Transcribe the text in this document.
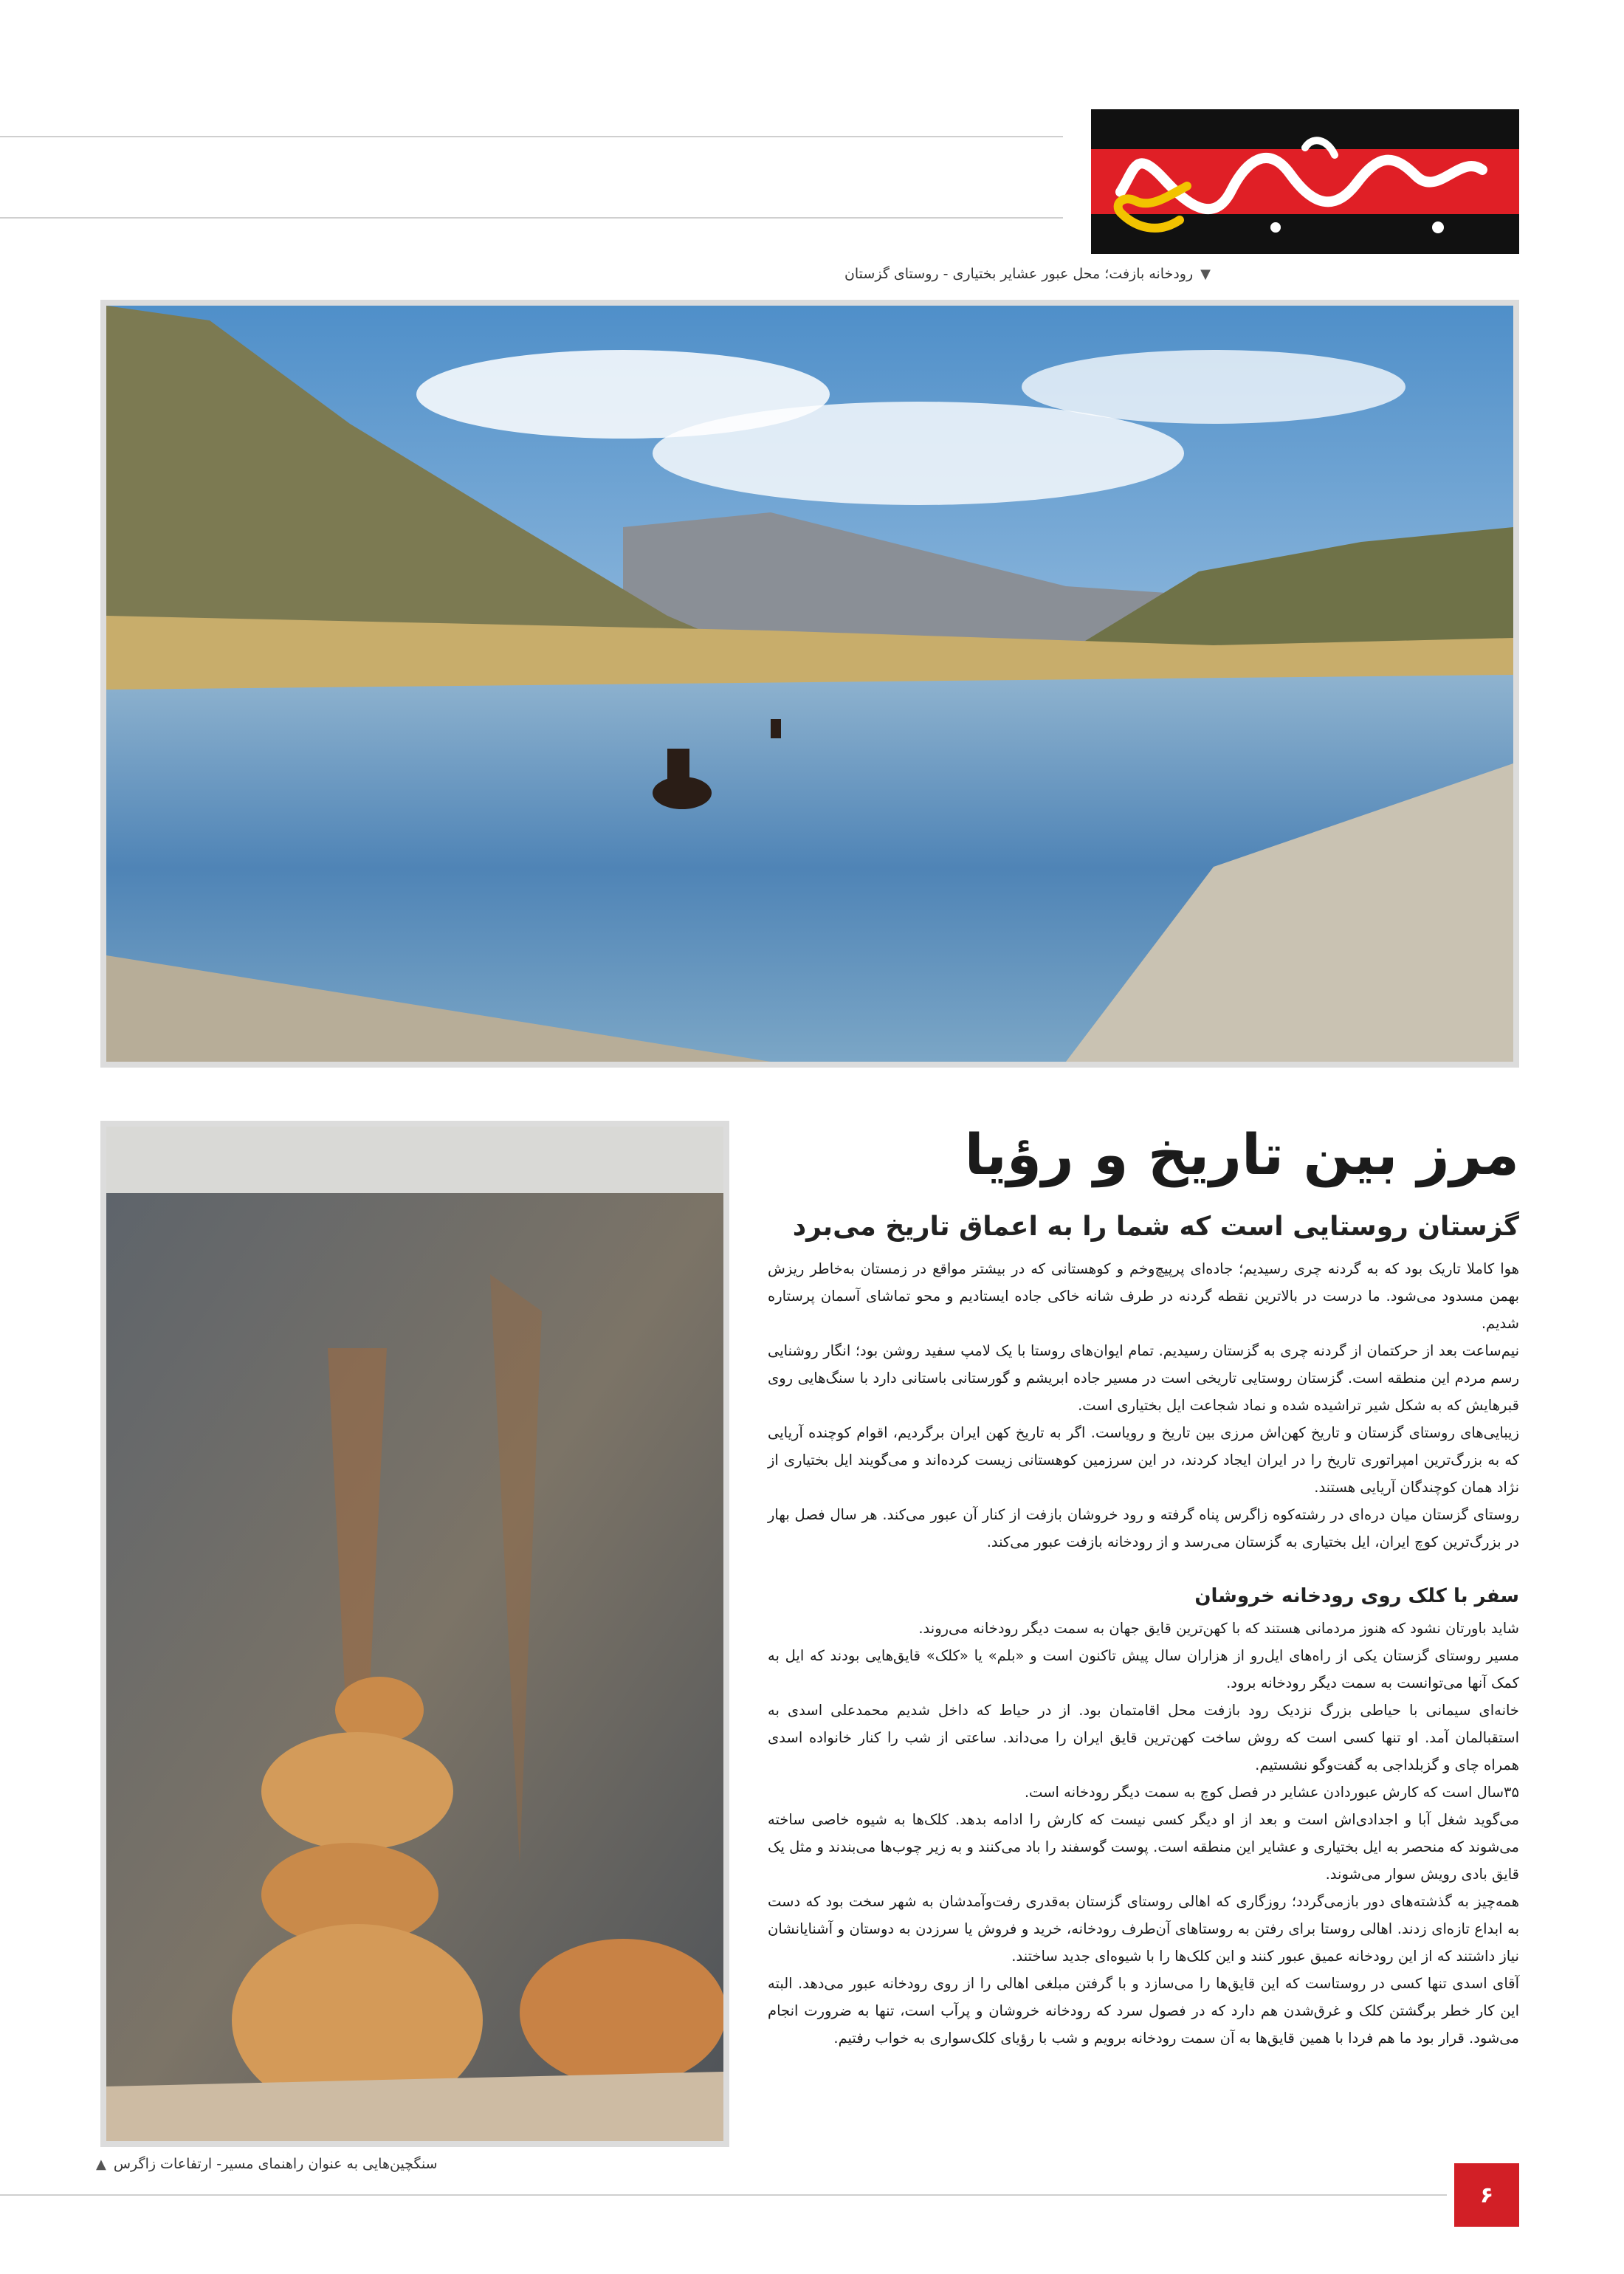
▼رودخانه بازفت؛ محل عبور عشایر بختیاری - روستای گزستان
سنگچین‌هایی به عنوان راهنمای مسیر- ارتفاعات زاگرس▲
مرز بین تاریخ و رؤیا
گزستان روستایی است که شما را به اعماق تاریخ می‌برد

هوا کاملا تاریک بود که به گردنه چری رسیدیم؛ جاده‌ای پرپیچ‌وخم و کوهستانی که در بیشتر مواقع در زمستان به‌خاطر ریزش بهمن مسدود می‌شود. ما درست در بالاترین نقطه گردنه در طرف شانه خاکی جاده ایستادیم و محو تماشای آسمان پرستاره شدیم.

نیم‌ساعت بعد از حرکتمان از گردنه چری به گزستان رسیدیم. تمام ایوان‌های روستا با یک لامپ سفید روشن بود؛ انگار روشنایی رسم مردم این منطقه است. گزستان روستایی تاریخی است در مسیر جاده ابریشم و گورستانی باستانی دارد با سنگ‌هایی روی قبرهایش که به شکل شیر تراشیده شده و نماد شجاعت ایل بختیاری است.

زیبایی‌های روستای گزستان و تاریخ کهن‌اش مرزی بین تاریخ و رویاست. اگر به تاریخ کهن ایران برگردیم، اقوام کوچنده آریایی که به بزرگ‌ترین امپراتوری تاریخ را در ایران ایجاد کردند، در این سرزمین کوهستانی زیست کرده‌اند و می‌گویند ایل بختیاری از نژاد همان کوچندگان آریایی هستند.

روستای گزستان میان دره‌ای در رشته‌کوه زاگرس پناه گرفته و رود خروشان بازفت از کنار آن عبور می‌کند. هر سال فصل بهار در بزرگ‌ترین کوچ ایران، ایل بختیاری به گزستان می‌رسد و از رودخانه بازفت عبور می‌کند.

سفر با کلک روی رودخانه خروشان

شاید باورتان نشود که هنوز مردمانی هستند که با کهن‌ترین قایق جهان به سمت دیگر رودخانه می‌روند.

مسیر روستای گزستان یکی از راه‌های ایل‌رو از هزاران سال پیش تاکنون است و «بلم» یا «کلک» قایق‌هایی بودند که ایل به کمک آنها می‌توانست به سمت دیگر رودخانه برود.

خانه‌ای سیمانی با حیاطی بزرگ نزدیک رود بازفت محل اقامتمان بود. از در حیاط که داخل شدیم محمدعلی اسدی به استقبالمان آمد. او تنها کسی است که روش ساخت کهن‌ترین قایق ایران را می‌داند. ساعتی از شب را کنار خانواده اسدی همراه چای و گزبلداجی به گفت‌وگو نشستیم.

۳۵سال است که کارش عبوردادن عشایر در فصل کوچ به سمت دیگر رودخانه است.

می‌گوید شغل آبا و اجدادی‌اش است و بعد از او دیگر کسی نیست که کارش را ادامه بدهد. کلک‌ها به شیوه خاصی ساخته می‌شوند که منحصر به ایل بختیاری و عشایر این منطقه است. پوست گوسفند را باد می‌کنند و به زیر چوب‌ها می‌بندند و مثل یک قایق بادی رویش سوار می‌شوند.

همه‌چیز به گذشته‌های دور بازمی‌گردد؛ روزگاری که اهالی روستای گزستان به‌قدری رفت‌وآمدشان به شهر سخت بود که دست به ابداع تازه‌ای زدند. اهالی روستا برای رفتن به روستاهای آن‌طرف رودخانه، خرید و فروش یا سرزدن به دوستان و آشنایانشان نیاز داشتند که از این رودخانه عمیق عبور کنند و این کلک‌ها را با شیوه‌ای جدید ساختند.

آقای اسدی تنها کسی در روستاست که این قایق‌ها را می‌سازد و با گرفتن مبلغی اهالی را از روی رودخانه عبور می‌دهد. البته این کار خطر برگشتن کلک و غرق‌شدن هم دارد که در فصول سرد که رودخانه خروشان و پرآب است، تنها به ضرورت انجام می‌شود. قرار بود ما هم فردا با همین قایق‌ها به آن سمت رودخانه برویم و شب با رؤیای کلک‌سواری به خواب رفتیم.

۶
